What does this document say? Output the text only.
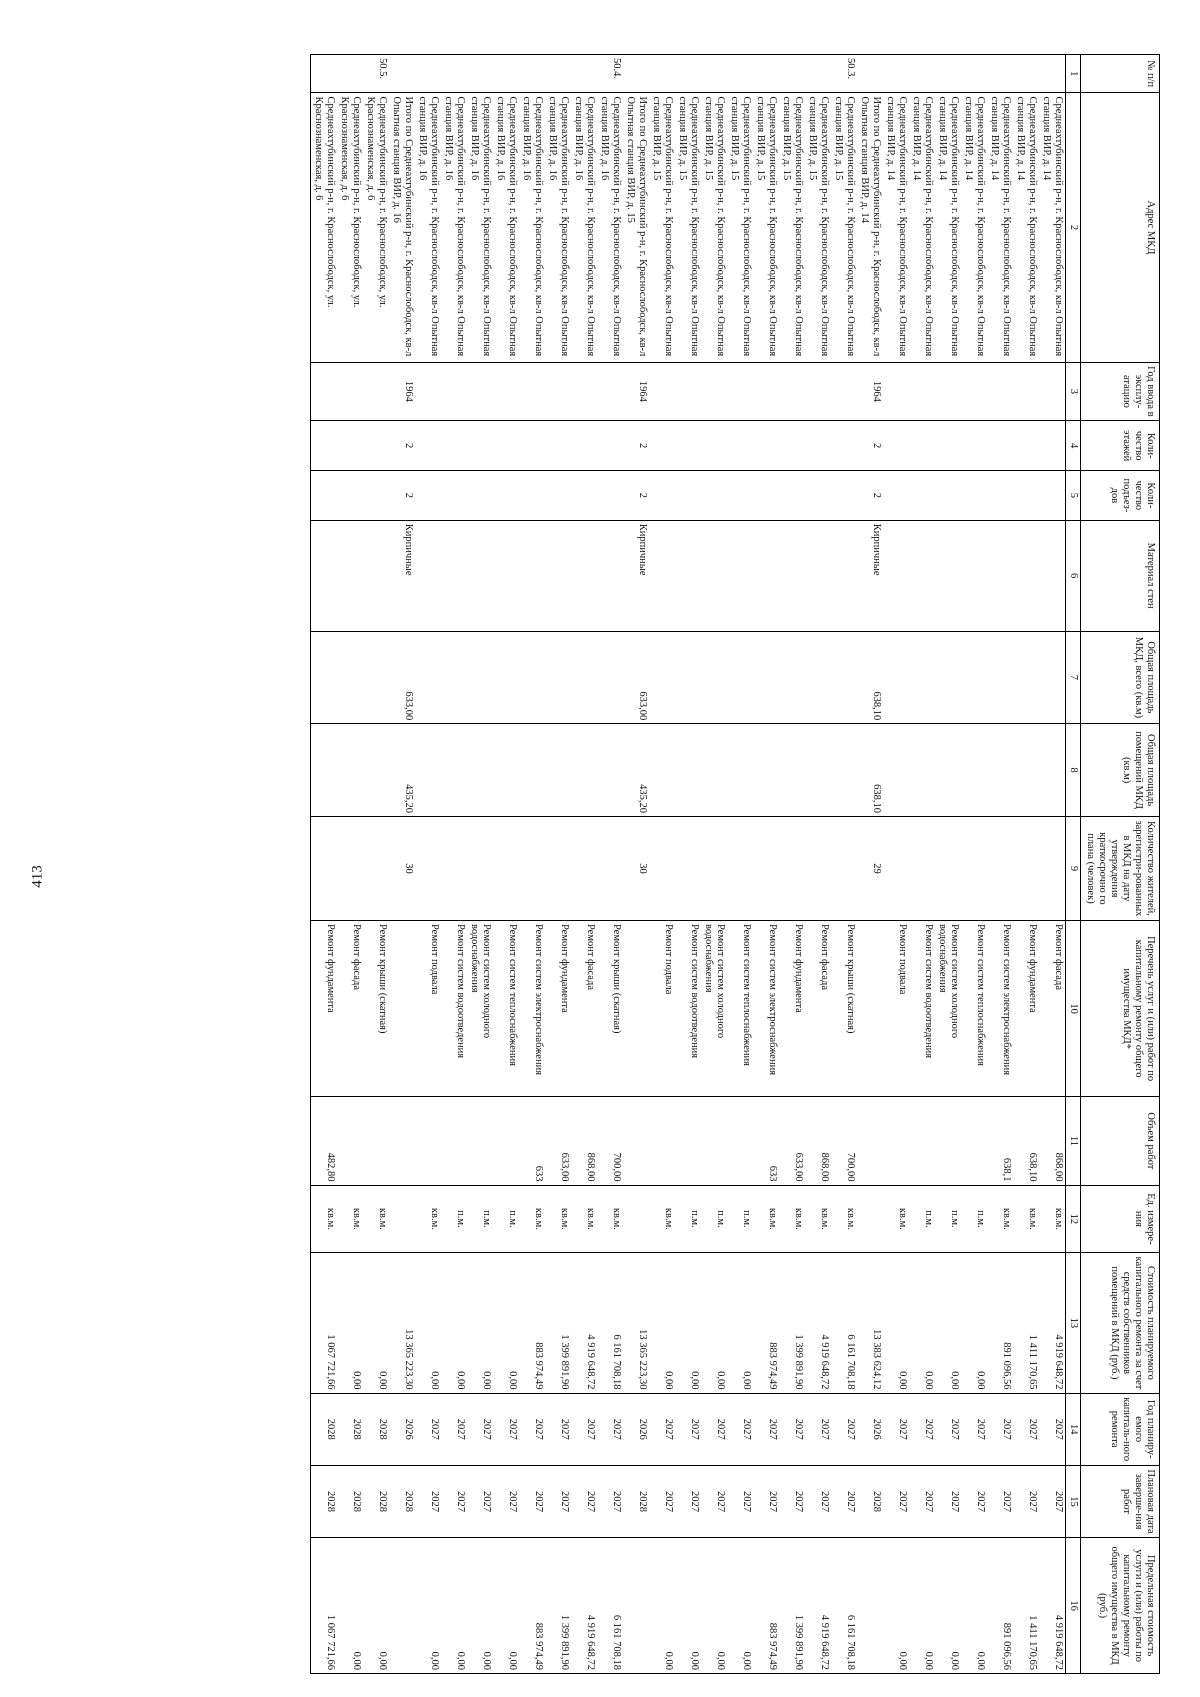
413
№ п/п	Адрес МКД	Год ввода в эксплу-атацию	Коли-чество этажей	Коли-чество подъез-дов	Материал стен	Общая площадь МКД, всего (кв.м)	Общая площадь помещений МКД (кв.м)	Количество жителей, зарегистри-рованных в МКД на дату утверждения краткосрочно го плана (человек)	Перечень услуг и (или) работ по капитальному ремонту общего имущества МКД*	Объем работ	Ед. измере-ния	Стоимость планируемого капитального ремонта за счет средств собственников помещений в МКД (руб.)	Год планиру-емого капиталь-ного ремонта	Плановая дата заверше-ния работ	Предельная стоимость услуги и (или) работы по капитальному ремонту общего имущества в МКД (руб.)
1	2	3	4	5	6	7	8	9	10	11	12	13	14	15	16
	Среднеахтубинский р-н, г. Краснослободск, кв-л Опытная станция ВИР, д. 14								Ремонт фасада	868,00	кв.м.	4 919 648,72	2027	2027	4 919 648,72
	Среднеахтубинский р-н, г. Краснослободск, кв-л Опытная станция ВИР, д. 14								Ремонт фундамента	638,10	кв.м.	1 411 170,65	2027	2027	1 411 170,65
	Среднеахтубинский р-н, г. Краснослободск, кв-л Опытная станция ВИР, д. 14								Ремонт систем электроснабжения	638,1	кв.м.	891 096,56	2027	2027	891 096,56
	Среднеахтубинский р-н, г. Краснослободск, кв-л Опытная станция ВИР, д. 14								Ремонт систем теплоснабжения		п.м.	0,00	2027	2027	0,00
	Среднеахтубинский р-н, г. Краснослободск, кв-л Опытная станция ВИР, д. 14								Ремонт систем холодного водоснабжения		п.м.	0,00	2027	2027	0,00
	Среднеахтубинский р-н, г. Краснослободск, кв-л Опытная станция ВИР, д. 14								Ремонт систем водоотведения		п.м.	0,00	2027	2027	0,00
	Среднеахтубинский р-н, г. Краснослободск, кв-л Опытная станция ВИР, д. 14								Ремонт подвала		кв.м.	0,00	2027	2027	0,00
	Итого по Среднеахтубинский р-н, г. Краснослободск, кв-л Опытная станция ВИР, д. 14	1964	2	2	Кирпичные	638,10	638,10	29				13 383 624,12	2026	2028	
50.3.	Среднеахтубинский р-н, г. Краснослободск, кв-л Опытная станция ВИР, д. 15								Ремонт крыши (скатная)	700,00	кв.м.	6 161 708,18	2027	2027	6 161 708,18
	Среднеахтубинский р-н, г. Краснослободск, кв-л Опытная станция ВИР, д. 15								Ремонт фасада	868,00	кв.м.	4 919 648,72	2027	2027	4 919 648,72
	Среднеахтубинский р-н, г. Краснослободск, кв-л Опытная станция ВИР, д. 15								Ремонт фундамента	633,00	кв.м.	1 399 891,90	2027	2027	1 399 891,90
	Среднеахтубинский р-н, г. Краснослободск, кв-л Опытная станция ВИР, д. 15								Ремонт систем электроснабжения	633	кв.м.	883 974,49	2027	2027	883 974,49
	Среднеахтубинский р-н, г. Краснослободск, кв-л Опытная станция ВИР, д. 15								Ремонт систем теплоснабжения		п.м.	0,00	2027	2027	0,00
	Среднеахтубинский р-н, г. Краснослободск, кв-л Опытная станция ВИР, д. 15								Ремонт систем холодного водоснабжения		п.м.	0,00	2027	2027	0,00
	Среднеахтубинский р-н, г. Краснослободск, кв-л Опытная станция ВИР, д. 15								Ремонт систем водоотведения		п.м.	0,00	2027	2027	0,00
	Среднеахтубинский р-н, г. Краснослободск, кв-л Опытная станция ВИР, д. 15								Ремонт подвала		кв.м.	0,00	2027	2027	0,00
	Итого по Среднеахтубинский р-н, г. Краснослободск, кв-л Опытная станция ВИР, д. 15	1964	2	2	Кирпичные	633,00	435,20	30				13 365 223,30	2026	2028	
50.4.	Среднеахтубинский р-н, г. Краснослободск, кв-л Опытная станция ВИР, д. 16								Ремонт крыши (скатная)	700,00	кв.м.	6 161 708,18	2027	2027	6 161 708,18
	Среднеахтубинский р-н, г. Краснослободск, кв-л Опытная станция ВИР, д. 16								Ремонт фасада	868,00	кв.м.	4 919 648,72	2027	2027	4 919 648,72
	Среднеахтубинский р-н, г. Краснослободск, кв-л Опытная станция ВИР, д. 16								Ремонт фундамента	633,00	кв.м.	1 399 891,90	2027	2027	1 399 891,90
	Среднеахтубинский р-н, г. Краснослободск, кв-л Опытная станция ВИР, д. 16								Ремонт систем электроснабжения	633	кв.м.	883 974,49	2027	2027	883 974,49
	Среднеахтубинский р-н, г. Краснослободск, кв-л Опытная станция ВИР, д. 16								Ремонт систем теплоснабжения		п.м.	0,00	2027	2027	0,00
	Среднеахтубинский р-н, г. Краснослободск, кв-л Опытная станция ВИР, д. 16								Ремонт систем холодного водоснабжения		п.м.	0,00	2027	2027	0,00
	Среднеахтубинский р-н, г. Краснослободск, кв-л Опытная станция ВИР, д. 16								Ремонт систем водоотведения		п.м.	0,00	2027	2027	0,00
	Среднеахтубинский р-н, г. Краснослободск, кв-л Опытная станция ВИР, д. 16								Ремонт подвала		кв.м.	0,00	2027	2027	0,00
	Итого по Среднеахтубинский р-н, г. Краснослободск, кв-л Опытная станция ВИР, д. 16	1964	2	2	Кирпичные	633,00	435,20	30				13 365 223,30	2026	2028	
50.5.	Среднеахтубинский р-н, г. Краснослободск, ул. Краснознаменская, д. 6								Ремонт крыши (скатная)		кв.м.	0,00	2028	2028	0,00
	Среднеахтубинский р-н, г. Краснослободск, ул. Краснознаменская, д. 6								Ремонт фасада		кв.м.	0,00	2028	2028	0,00
	Среднеахтубинский р-н, г. Краснослободск, ул. Краснознаменская, д. 6								Ремонт фундамента	482,80	кв.м.	1 067 721,66	2028	2028	1 067 721,66
